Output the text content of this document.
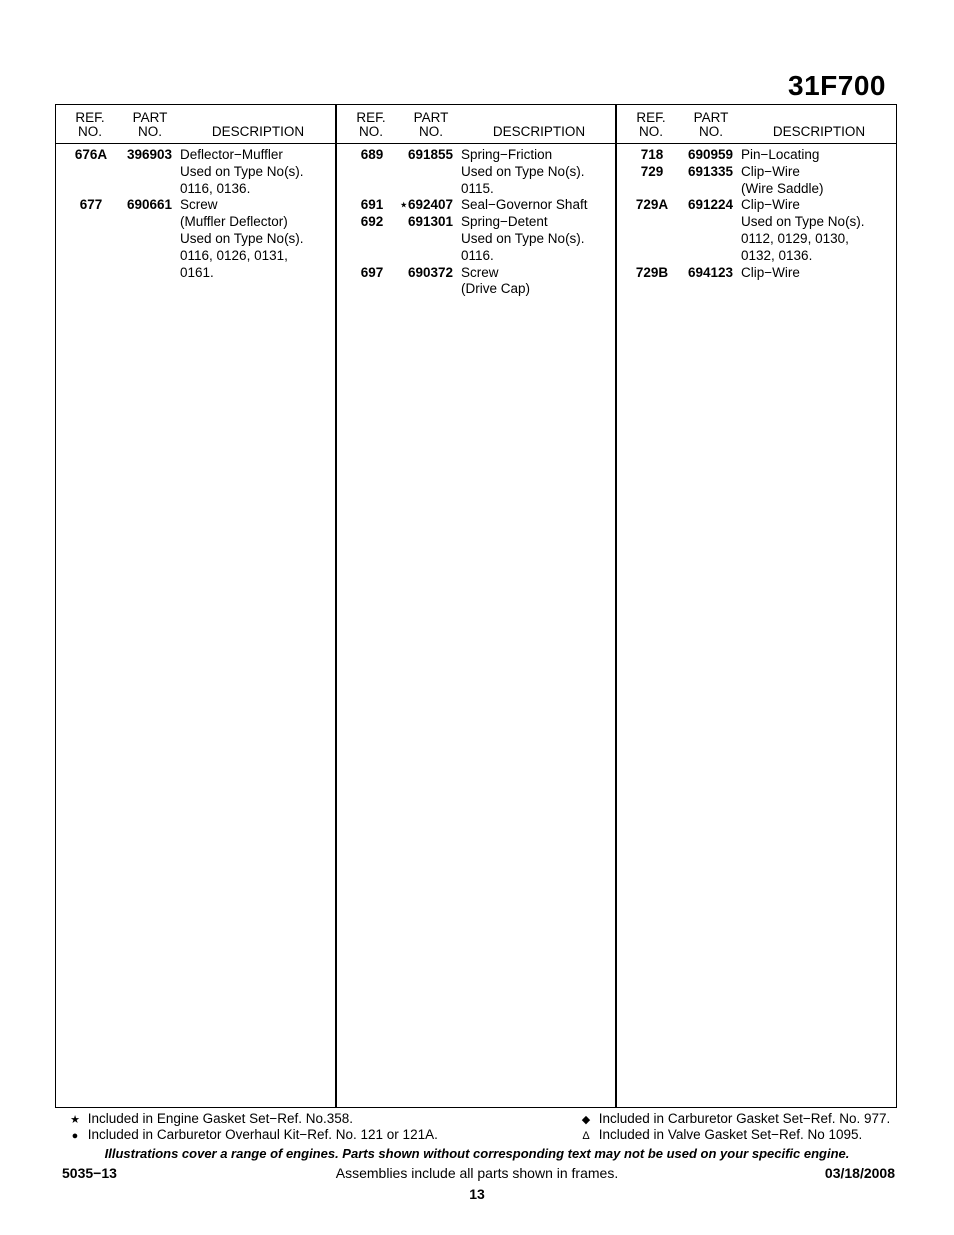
31F700
REF.
NO.
PART
NO.	DESCRIPTION
676A	396903 Deflector−Muffler
Used on Type No(s).
0116, 0136.
677	690661 Screw
(Muffler Deflector)
Used on Type No(s).
0116, 0126, 0131,
0161.
REF.
NO.
PART
NO.	DESCRIPTION
689	691855 Spring−Friction
Used on Type No(s).
0115.
691	⋆692407 Seal−Governor Shaft
692	691301 Spring−Detent
Used on Type No(s).
0116.
697	690372 Screw
(Drive Cap)
REF.
NO.
PART
NO.	DESCRIPTION
718	690959 Pin−Locating
729	691335 Clip−Wire
(Wire Saddle)
729A	691224 Clip−Wire
Used on Type No(s).
0112, 0129, 0130,
0132, 0136.
729B	694123 Clip−Wire
★ Included in Engine Gasket Set−Ref. No.358.
● Included in Carburetor Overhaul Kit−Ref. No. 121 or 121A.
◆ Included in Carburetor Gasket Set−Ref. No. 977.
Δ Included in Valve Gasket Set−Ref. No 1095.
Illustrations cover a range of engines. Parts shown without corresponding text may not be used on your specific engine.
5035−13	Assemblies include all parts shown in frames.	03/18/2008
13
